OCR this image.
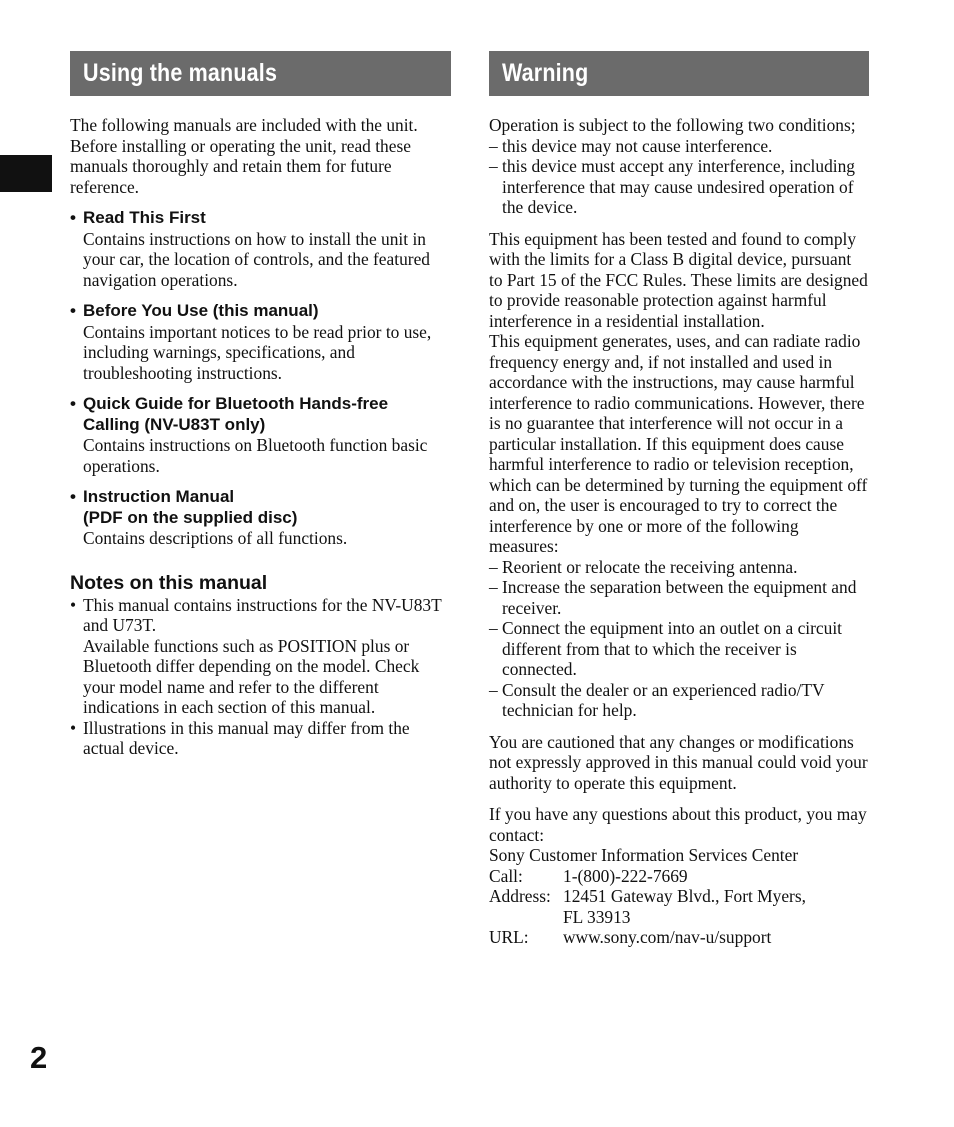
Using the manuals

The following manuals are included with the unit.

Before installing or operating the unit, read these manuals thoroughly and retain them for future reference.

• Read This First

Contains instructions on how to install the unit in your car, the location of controls, and the featured navigation operations.

• Before You Use (this manual)

Contains important notices to be read prior to use, including warnings, specifications, and troubleshooting instructions.

• Quick Guide for Bluetooth Hands-free
Calling (NV-U83T only)

Contains instructions on Bluetooth function basic operations.

• Instruction Manual
(PDF on the supplied disc)

Contains descriptions of all functions.

Notes on this manual
• This manual contains instructions for the NV-U83T and U73T.

Available functions such as POSITION plus or Bluetooth differ depending on the model. Check your model name and refer to the different indications in each section of this manual.

• Illustrations in this manual may differ from the actual device.

Warning

Operation is subject to the following two conditions;

– this device may not cause interference.
– this device must accept any interference, including interference that may cause undesired operation of the device.

This equipment has been tested and found to comply with the limits for a Class B digital device, pursuant to Part 15 of the FCC Rules. These limits are designed to provide reasonable protection against harmful interference in a residential installation.

This equipment generates, uses, and can radiate radio frequency energy and, if not installed and used in accordance with the instructions, may cause harmful interference to radio communications. However, there is no guarantee that interference will not occur in a particular installation. If this equipment does cause harmful interference to radio or television reception, which can be determined by turning the equipment off and on, the user is encouraged to try to correct the interference by one or more of the following measures:

– Reorient or relocate the receiving antenna.
– Increase the separation between the equipment and receiver.
– Connect the equipment into an outlet on a circuit different from that to which the receiver is connected.
– Consult the dealer or an experienced radio/TV technician for help.

You are cautioned that any changes or modifications not expressly approved in this manual could void your authority to operate this equipment.

If you have any questions about this product, you may contact:

Sony Customer Information Services Center

Call:	1-(800)-222-7669
Address: 12451 Gateway Blvd., Fort Myers,
FL 33913
URL:	www.sony.com/nav-u/support
2
